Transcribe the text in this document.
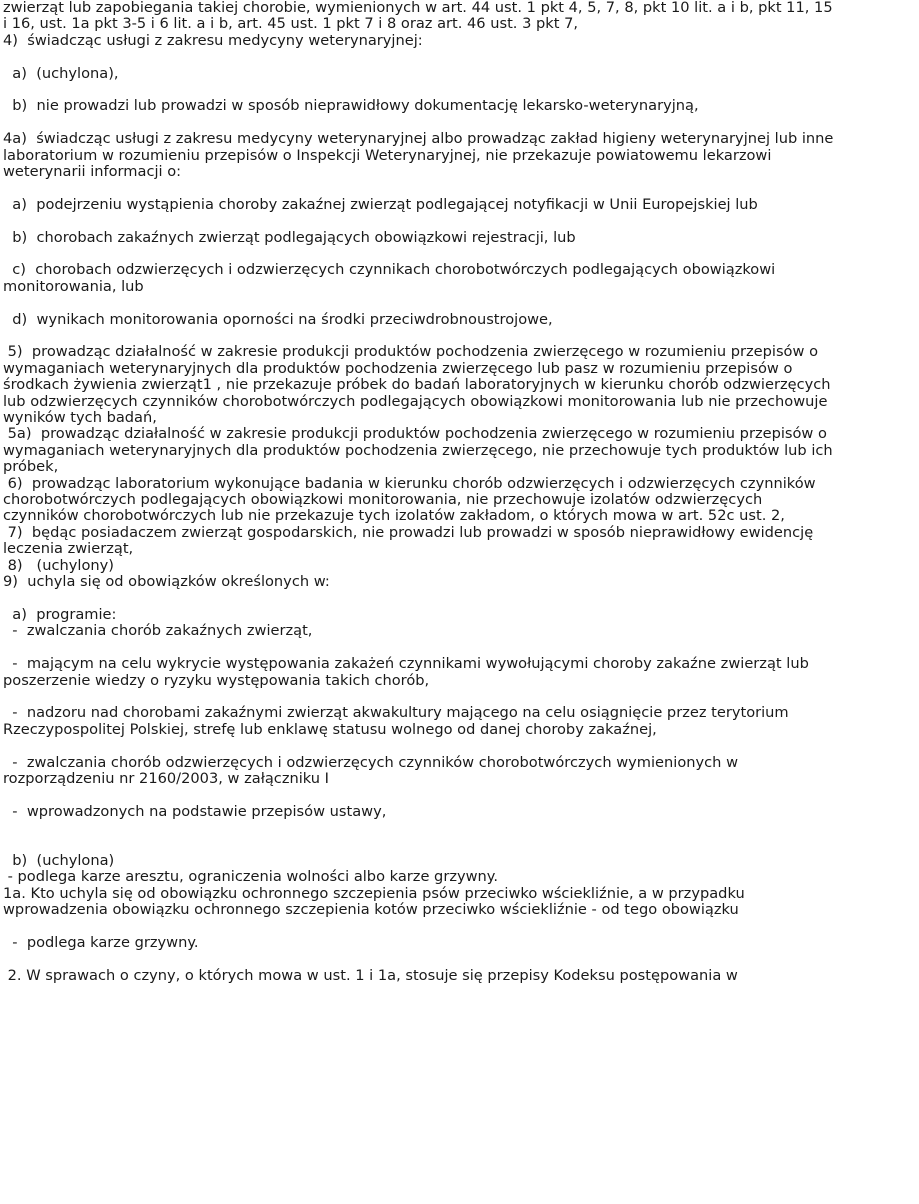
zwierząt lub zapobiegania takiej chorobie, wymienionych w art. 44 ust. 1 pkt 4, 5, 7, 8, pkt 10 lit. a i b, pkt 11, 15
i 16, ust. 1a pkt 3-5 i 6 lit. a i b, art. 45 ust. 1 pkt 7 i 8 oraz art. 46 ust. 3 pkt 7,
4)  świadcząc usługi z zakresu medycyny weterynaryjnej:
a)  (uchylona),
b)  nie prowadzi lub prowadzi w sposób nieprawidłowy dokumentację lekarsko-weterynaryjną,
4a)  świadcząc usługi z zakresu medycyny weterynaryjnej albo prowadząc zakład higieny weterynaryjnej lub inne
laboratorium w rozumieniu przepisów o Inspekcji Weterynaryjnej, nie przekazuje powiatowemu lekarzowi
weterynarii informacji o:
a)  podejrzeniu wystąpienia choroby zakaźnej zwierząt podlegającej notyfikacji w Unii Europejskiej lub
b)  chorobach zakaźnych zwierząt podlegających obowiązkowi rejestracji, lub
c)  chorobach odzwierzęcych i odzwierzęcych czynnikach chorobotwórczych podlegających obowiązkowi
monitorowania, lub
d)  wynikach monitorowania oporności na środki przeciwdrobnoustrojowe,
5)  prowadząc działalność w zakresie produkcji produktów pochodzenia zwierzęcego w rozumieniu przepisów o
wymaganiach weterynaryjnych dla produktów pochodzenia zwierzęcego lub pasz w rozumieniu przepisów o
środkach żywienia zwierząt1 , nie przekazuje próbek do badań laboratoryjnych w kierunku chorób odzwierzęcych
lub odzwierzęcych czynników chorobotwórczych podlegających obowiązkowi monitorowania lub nie przechowuje
wyników tych badań,
5a)  prowadząc działalność w zakresie produkcji produktów pochodzenia zwierzęcego w rozumieniu przepisów o
wymaganiach weterynaryjnych dla produktów pochodzenia zwierzęcego, nie przechowuje tych produktów lub ich
próbek,
6)  prowadząc laboratorium wykonujące badania w kierunku chorób odzwierzęcych i odzwierzęcych czynników
chorobotwórczych podlegających obowiązkowi monitorowania, nie przechowuje izolatów odzwierzęcych
czynników chorobotwórczych lub nie przekazuje tych izolatów zakładom, o których mowa w art. 52c ust. 2,
7)  będąc posiadaczem zwierząt gospodarskich, nie prowadzi lub prowadzi w sposób nieprawidłowy ewidencję
leczenia zwierząt,
8)   (uchylony)
9)  uchyla się od obowiązków określonych w:
a)  programie:
-  zwalczania chorób zakaźnych zwierząt,
-  mającym na celu wykrycie występowania zakażeń czynnikami wywołującymi choroby zakaźne zwierząt lub
poszerzenie wiedzy o ryzyku występowania takich chorób,
-  nadzoru nad chorobami zakaźnymi zwierząt akwakultury mającego na celu osiągnięcie przez terytorium
Rzeczypospolitej Polskiej, strefę lub enklawę statusu wolnego od danej choroby zakaźnej,
-  zwalczania chorób odzwierzęcych i odzwierzęcych czynników chorobotwórczych wymienionych w
rozporządzeniu nr 2160/2003, w załączniku I
-  wprowadzonych na podstawie przepisów ustawy,
b)  (uchylona)
- podlega karze aresztu, ograniczenia wolności albo karze grzywny.
1a. Kto uchyla się od obowiązku ochronnego szczepienia psów przeciwko wściekliźnie, a w przypadku
wprowadzenia obowiązku ochronnego szczepienia kotów przeciwko wściekliźnie - od tego obowiązku
-  podlega karze grzywny.
2. W sprawach o czyny, o których mowa w ust. 1 i 1a, stosuje się przepisy Kodeksu postępowania w
